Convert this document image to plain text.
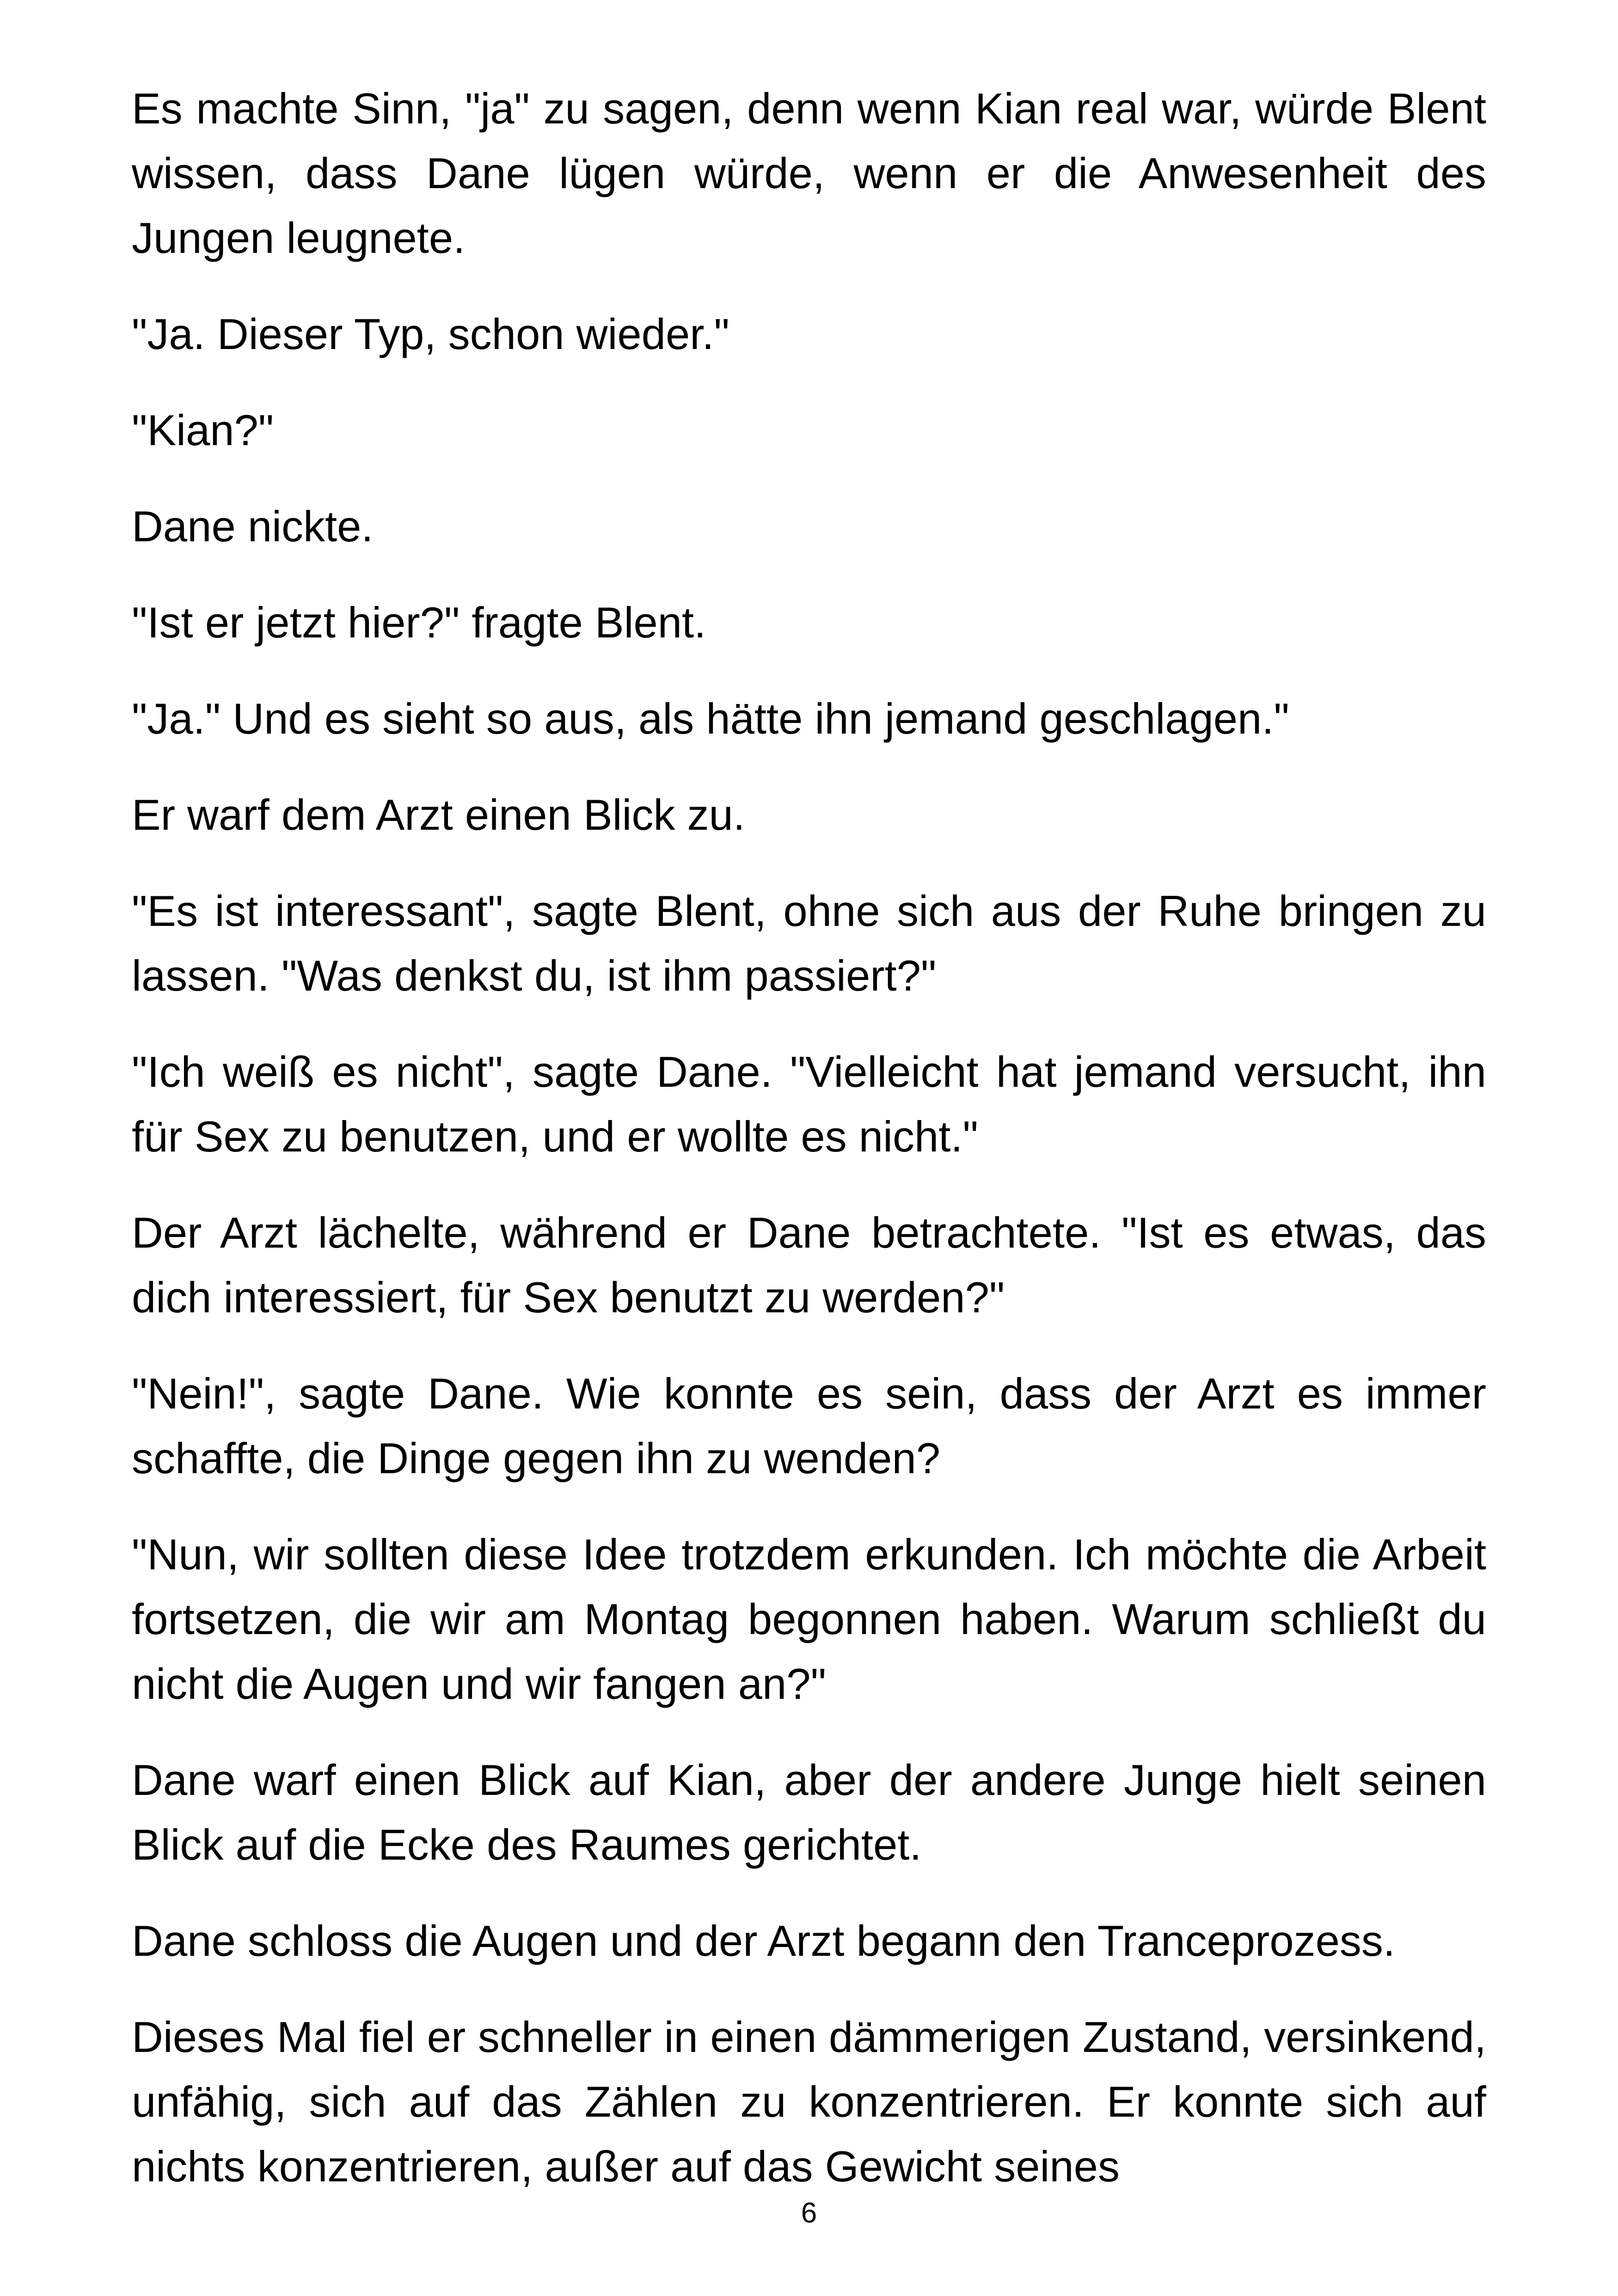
Es machte Sinn, "ja" zu sagen, denn wenn Kian real war, würde Blent wissen, dass Dane lügen würde, wenn er die Anwesenheit des Jungen leugnete.

"Ja. Dieser Typ, schon wieder."

"Kian?"

Dane nickte.

"Ist er jetzt hier?" fragte Blent.

"Ja." Und es sieht so aus, als hätte ihn jemand geschlagen."

Er warf dem Arzt einen Blick zu.

"Es ist interessant", sagte Blent, ohne sich aus der Ruhe bringen zu lassen. "Was denkst du, ist ihm passiert?"

"Ich weiß es nicht", sagte Dane. "Vielleicht hat jemand versucht, ihn für Sex zu benutzen, und er wollte es nicht."

Der Arzt lächelte, während er Dane betrachtete. "Ist es etwas, das dich interessiert, für Sex benutzt zu werden?"

"Nein!", sagte Dane. Wie konnte es sein, dass der Arzt es immer schaffte, die Dinge gegen ihn zu wenden?

"Nun, wir sollten diese Idee trotzdem erkunden. Ich möchte die Arbeit fortsetzen, die wir am Montag begonnen haben. Warum schließt du nicht die Augen und wir fangen an?"

Dane warf einen Blick auf Kian, aber der andere Junge hielt seinen Blick auf die Ecke des Raumes gerichtet.

Dane schloss die Augen und der Arzt begann den Tranceprozess.

Dieses Mal fiel er schneller in einen dämmerigen Zustand, versinkend, unfähig, sich auf das Zählen zu konzentrieren. Er konnte sich auf nichts konzentrieren, außer auf das Gewicht seines

6
